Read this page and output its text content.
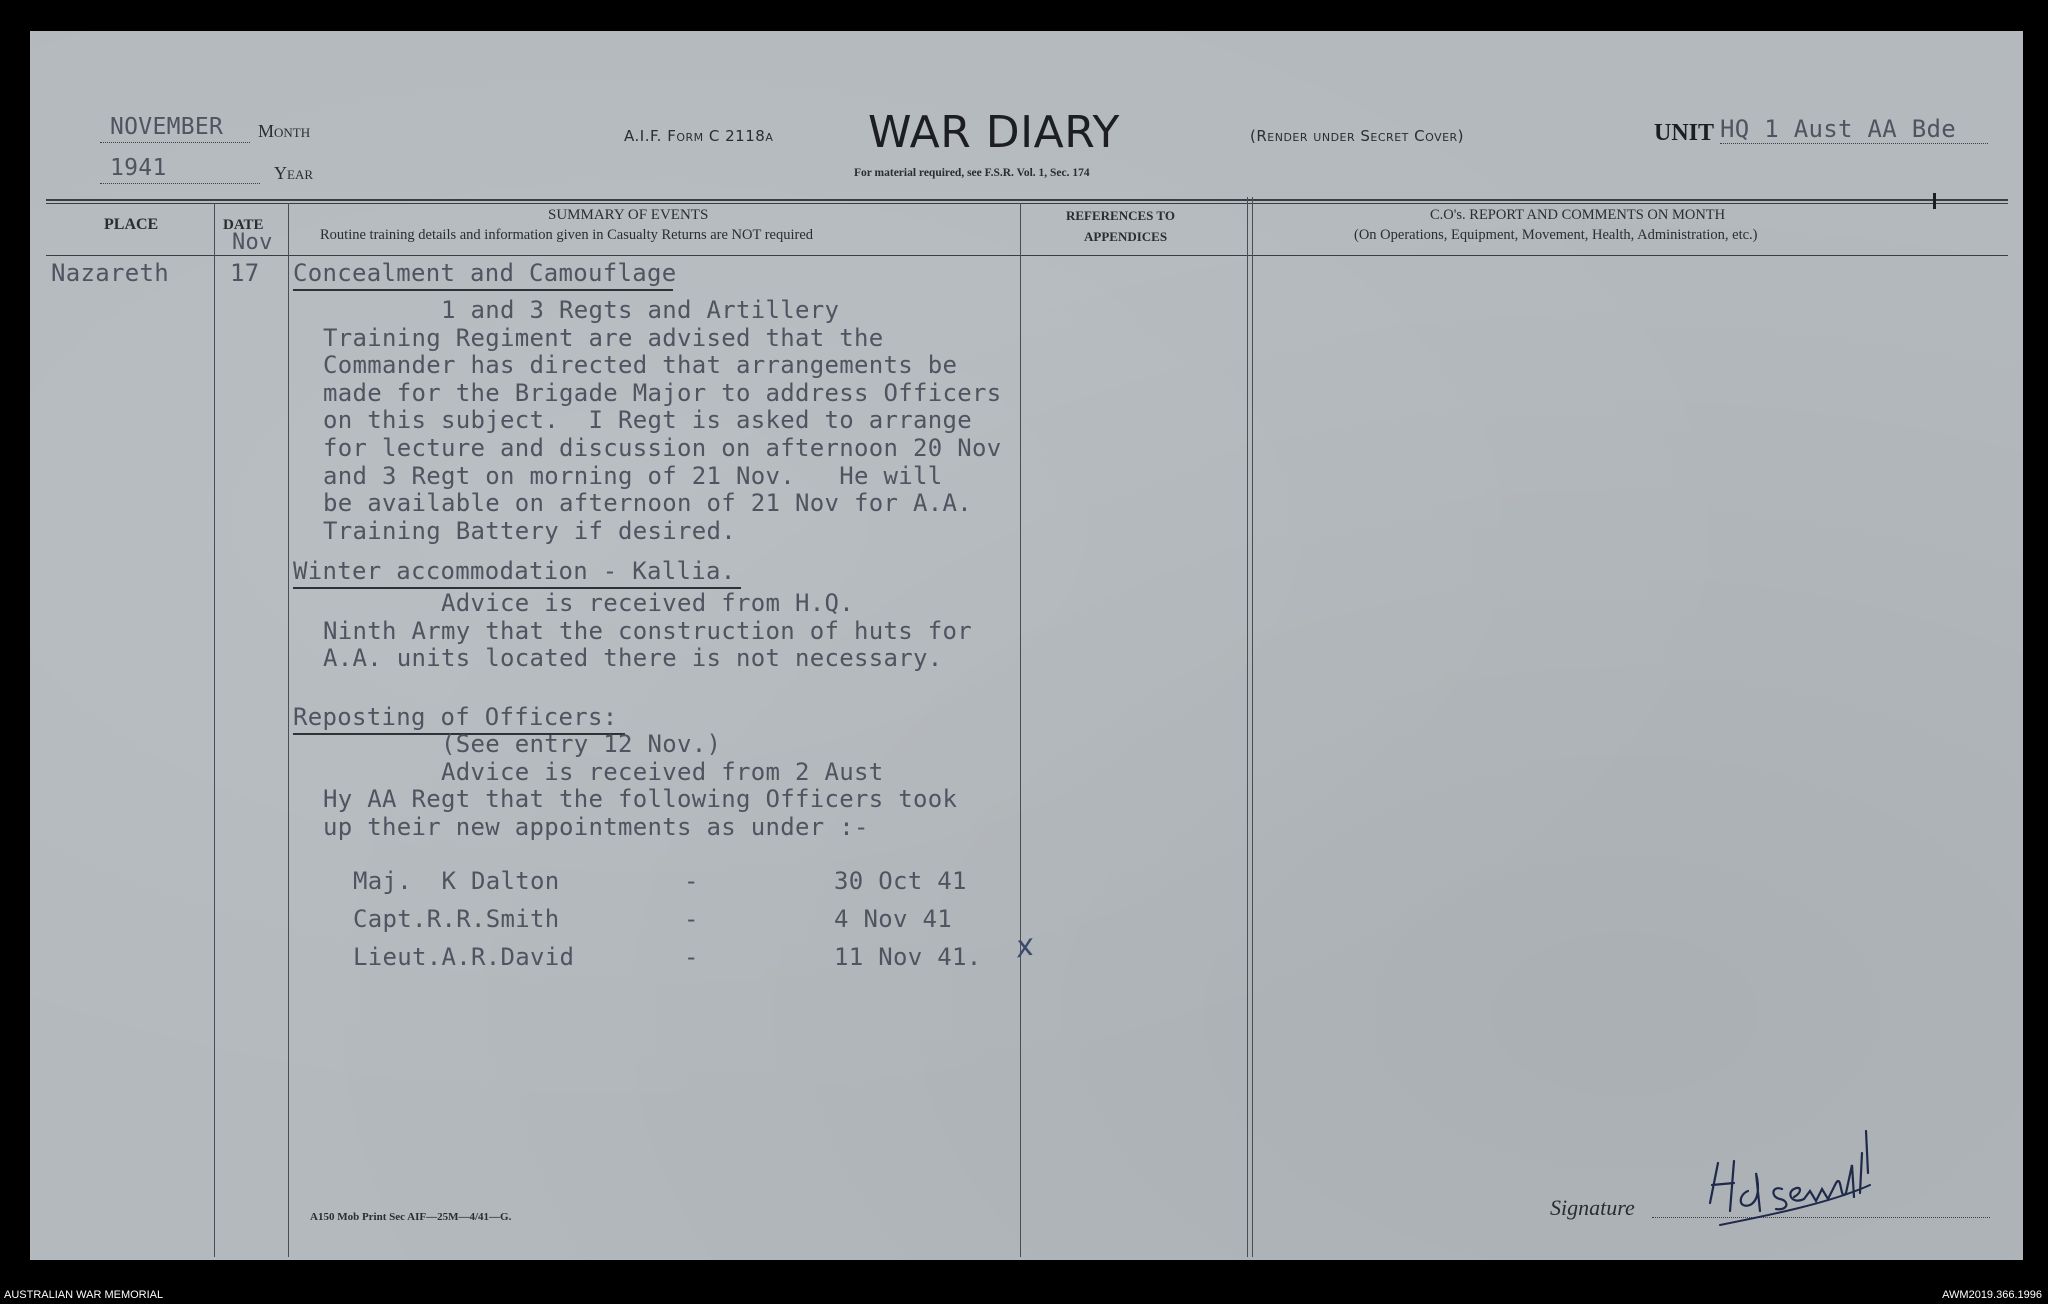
NOVEMBER Month
1941	Year
A.I.F. Form C 2118a WAR DIARY
For material required, see F.S.R. Vol. 1, Sec. 174
(Render under Secret Cover)	UNIT HQ 1 Aust AA Bde
PLACE	DATE
Nov
SUMMARY OF EVENTS
Routine training details and information given in Casualty Returns are NOT required
REFERENCES TO
APPENDICES
C.O's. REPORT AND COMMENTS ON MONTH
(On Operations, Equipment, Movement, Health, Administration, etc.)
Nazareth	17 Concealment and Camouflage
1 and 3 Regts and Artillery
Training Regiment are advised that the
Commander has directed that arrangements be
made for the Brigade Major to address Officers
on this subject.  I Regt is asked to arrange
for lecture and discussion on afternoon 20 Nov
and 3 Regt on morning of 21 Nov.   He will
be available on afternoon of 21 Nov for A.A.
Training Battery if desired.
Winter accommodation - Kallia.
Advice is received from H.Q.
Ninth Army that the construction of huts for
A.A. units located there is not necessary.
Reposting of Officers:
(See entry 12 Nov.)
Advice is received from 2 Aust
Hy AA Regt that the following Officers took
up their new appointments as under :-
Maj.  K Dalton	-	30 Oct 41
Capt.R.R.Smith	-	4 Nov 41
Lieut.A.R.David	-	11 Nov 41. x
A150 Mob Print Sec AIF—25M—4/41—G.	Signature
AUSTRALIAN WAR MEMORIAL	AWM2019.366.1996
